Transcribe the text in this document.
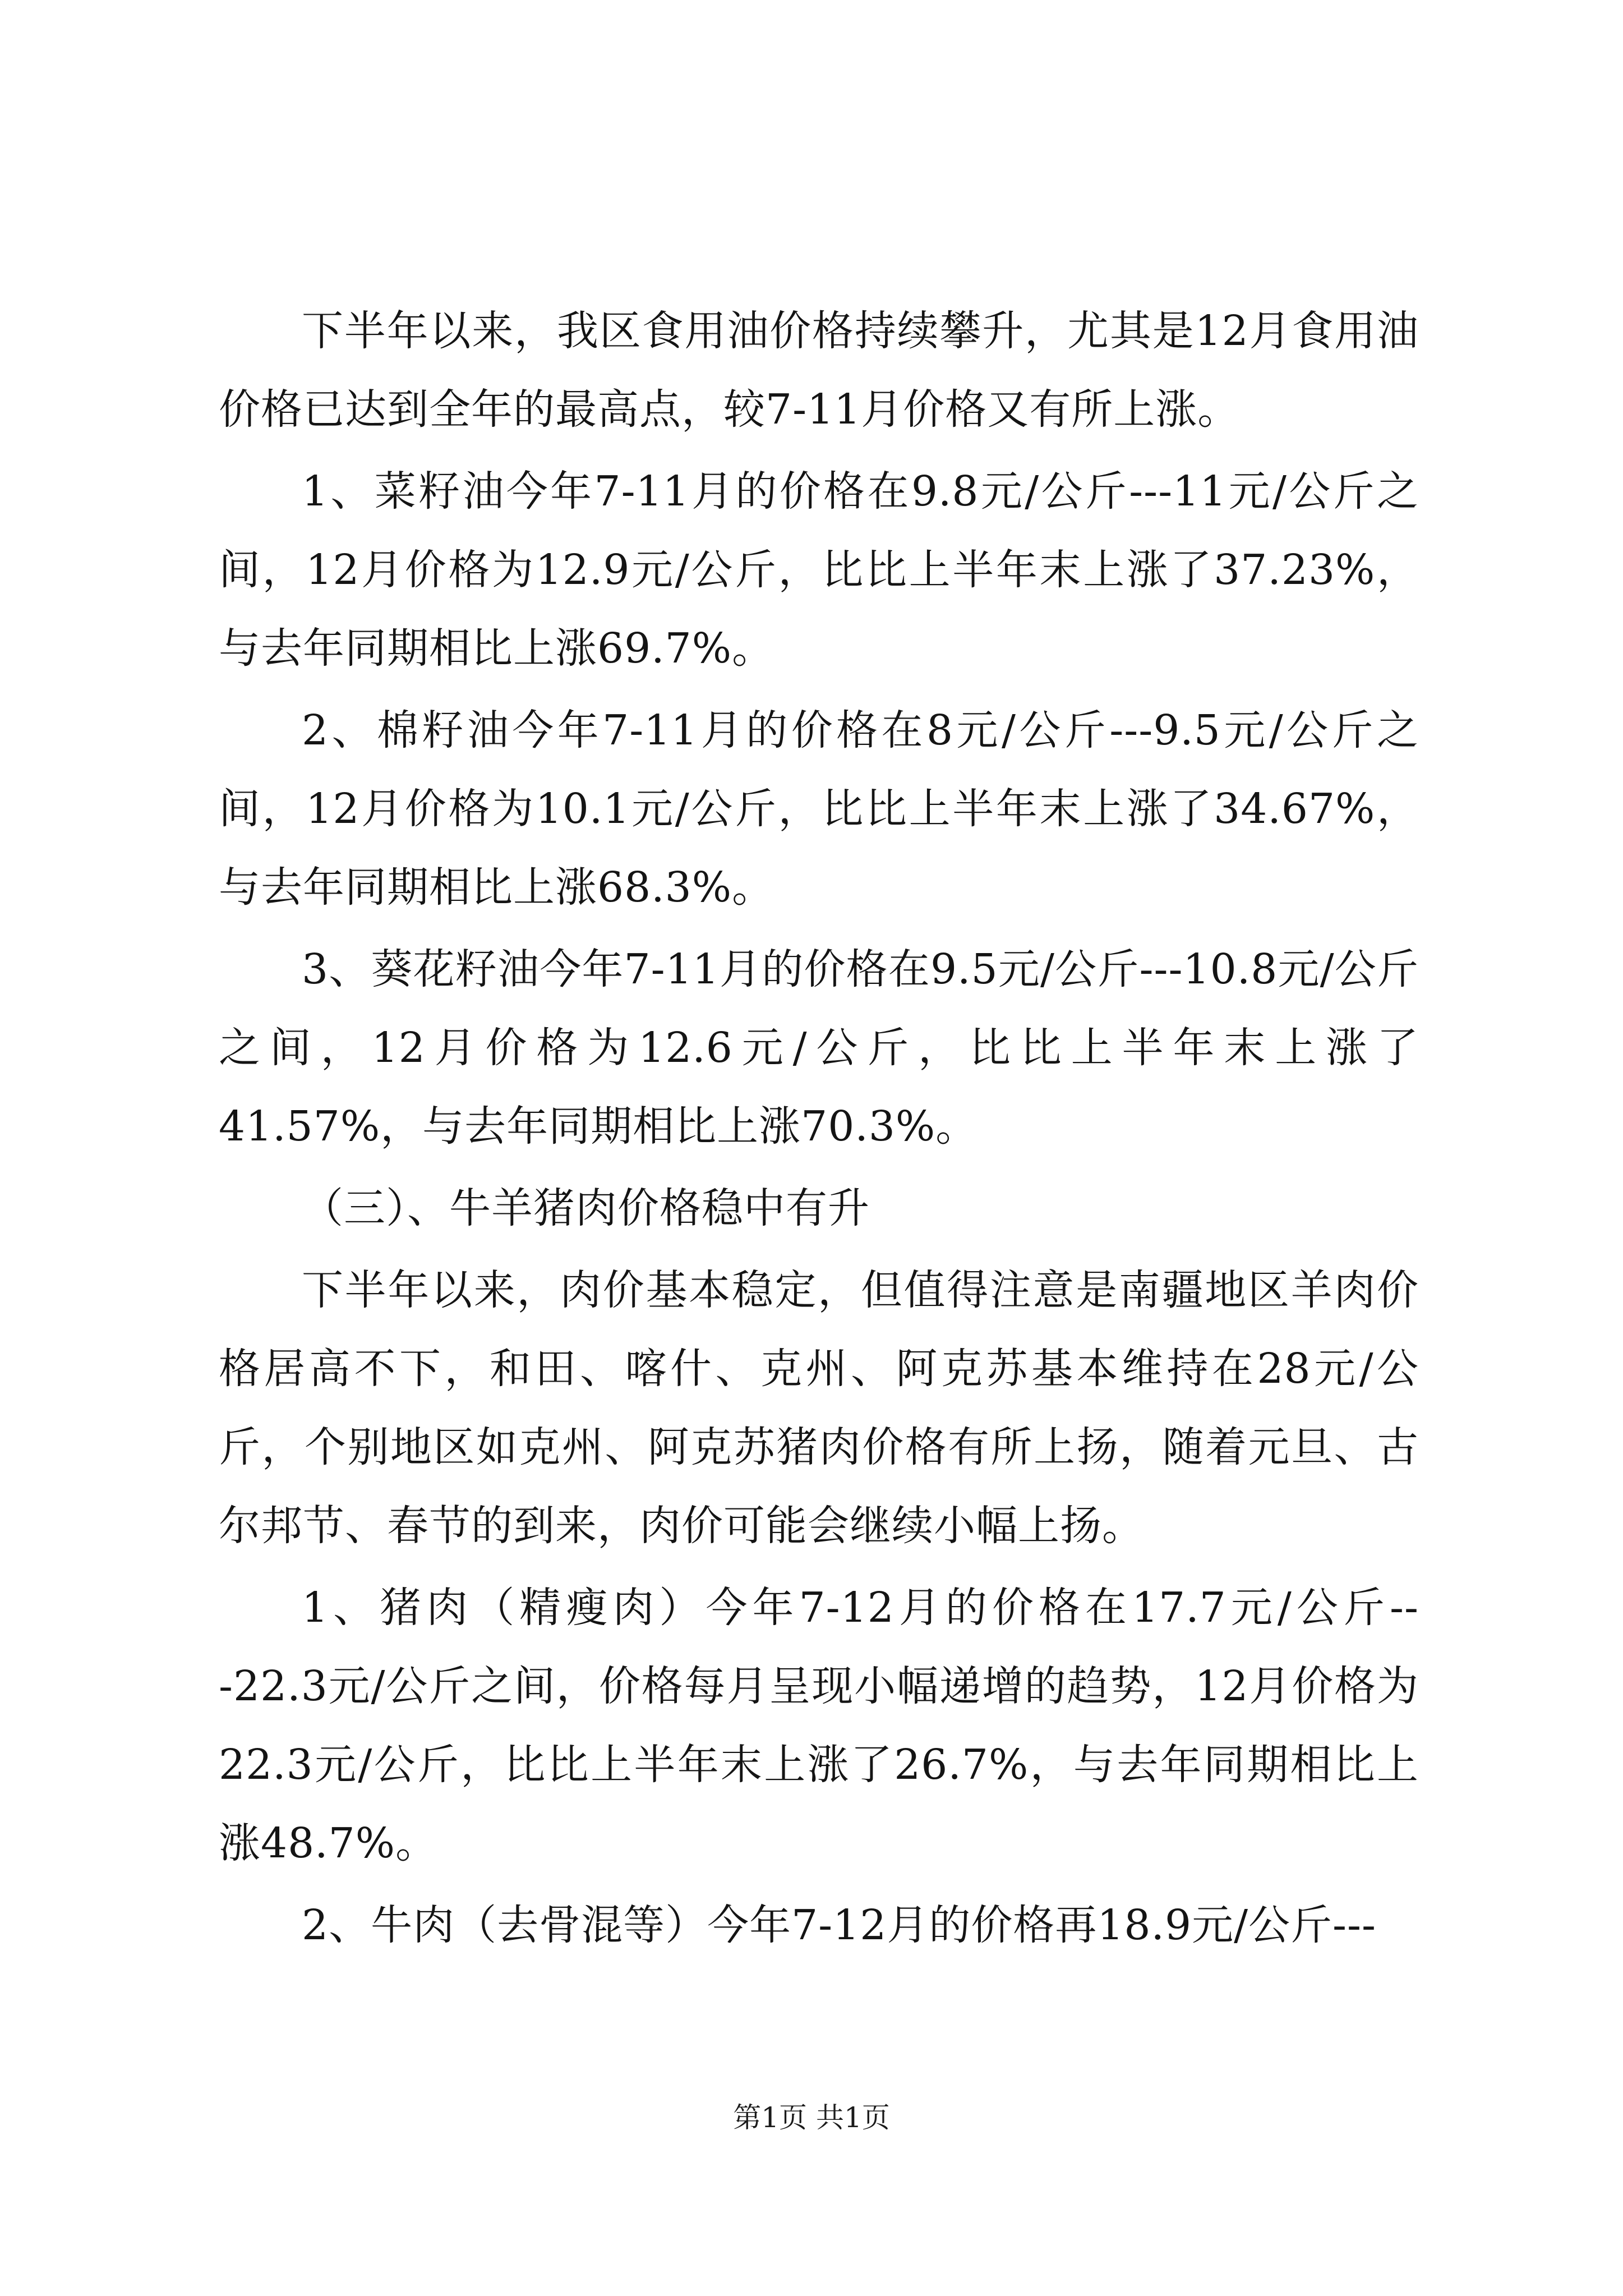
下半年以来，我区食用油价格持续攀升，尤其是12月食用油价格已达到全年的最高点，较7-11月价格又有所上涨。

1、菜籽油今年7-11月的价格在9.8元/公斤---11元/公斤之间，12月价格为12.9元/公斤，比比上半年末上涨了37.23%，与去年同期相比上涨69.7%。

2、棉籽油今年7-11月的价格在8元/公斤---9.5元/公斤之间，12月价格为10.1元/公斤，比比上半年末上涨了34.67%，与去年同期相比上涨68.3%。

3、葵花籽油今年7-11月的价格在9.5元/公斤---10.8元/公斤之间，12月价格为12.6元/公斤，比比上半年末上涨了41.57%，与去年同期相比上涨70.3%。

（三）、牛羊猪肉价格稳中有升

下半年以来，肉价基本稳定，但值得注意是南疆地区羊肉价格居高不下，和田、喀什、克州、阿克苏基本维持在28元/公斤，个别地区如克州、阿克苏猪肉价格有所上扬，随着元旦、古尔邦节、春节的到来，肉价可能会继续小幅上扬。

1、猪肉（精瘦肉）今年7-12月的价格在17.7元/公斤---22.3元/公斤之间，价格每月呈现小幅递增的趋势，12月价格为22.3元/公斤，比比上半年末上涨了26.7%，与去年同期相比上涨48.7%。

2、牛肉（去骨混等）今年7-12月的价格再18.9元/公斤---

第1页 共1页
